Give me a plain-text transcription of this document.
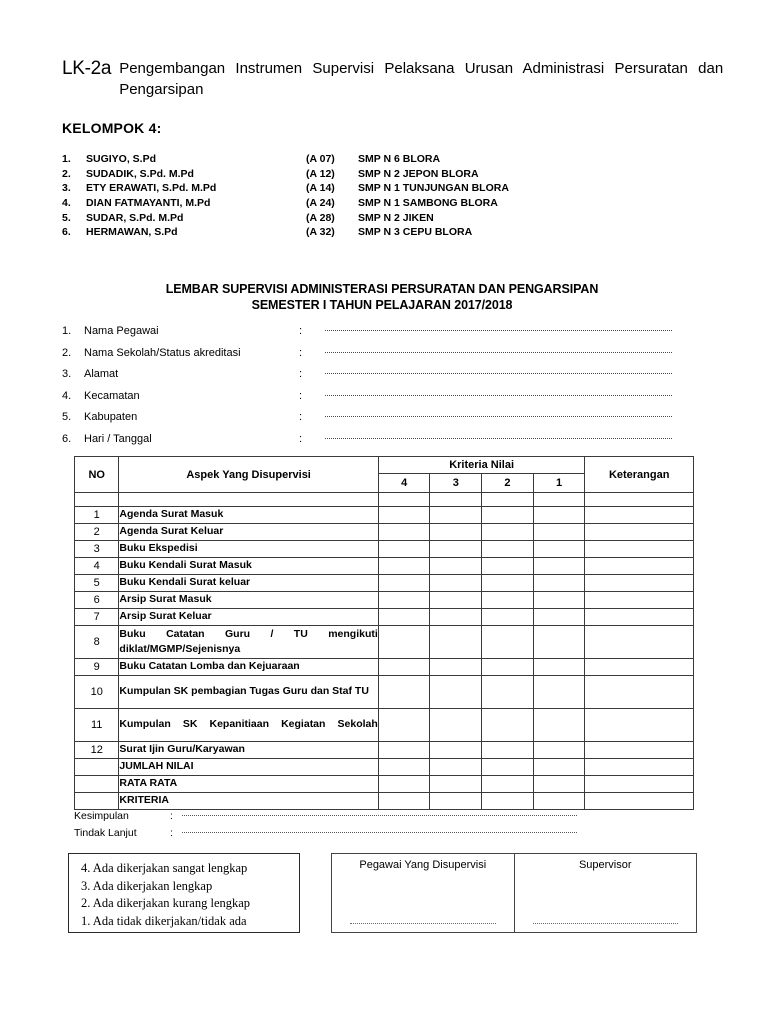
LK-2a Pengembangan Instrumen Supervisi Pelaksana Urusan Administrasi Persuratan dan Pengarsipan
KELOMPOK 4:
1.	SUGIYO, S.Pd	(A 07)	SMP N 6 BLORA
2.	SUDADIK, S.Pd. M.Pd	(A 12)	SMP N 2 JEPON BLORA
3.	ETY ERAWATI, S.Pd. M.Pd	(A 14)	SMP N 1 TUNJUNGAN BLORA
4.	DIAN FATMAYANTI, M.Pd	(A 24)	SMP N 1 SAMBONG BLORA
5.	SUDAR, S.Pd. M.Pd	(A 28)	SMP N 2 JIKEN
6.	HERMAWAN, S.Pd	(A 32)	SMP N 3 CEPU BLORA
LEMBAR SUPERVISI ADMINISTERASI PERSURATAN DAN PENGARSIPAN
SEMESTER I TAHUN PELAJARAN 2017/2018
1.	Nama Pegawai	:
2.	Nama Sekolah/Status akreditasi	:
3.	Alamat	:
4.	Kecamatan	:
5.	Kabupaten	:
6.	Hari / Tanggal	:
NO	Aspek Yang Disupervisi	Kriteria Nilai				Keterangan
		4	3	2	1	

1	Agenda Surat Masuk					
2	Agenda Surat Keluar					
3	Buku Ekspedisi					
4	Buku Kendali Surat Masuk					
5	Buku Kendali Surat keluar					
6	Arsip Surat Masuk					
7	Arsip Surat Keluar					
8	Buku Catatan Guru / TU mengikuti diklat/MGMP/Sejenisnya					
9	Buku Catatan Lomba dan Kejuaraan					
10	Kumpulan SK pembagian Tugas Guru dan Staf TU					
11	Kumpulan SK Kepanitiaan Kegiatan Sekolah					
12	Surat Ijin Guru/Karyawan					
	JUMLAH NILAI					
	RATA RATA					
	KRITERIA					
Kesimpulan	:
Tindak Lanjut	:
4. Ada dikerjakan sangat lengkap
3. Ada dikerjakan lengkap
2. Ada dikerjakan kurang lengkap
1. Ada tidak dikerjakan/tidak ada
Pegawai Yang Disupervisi	Supervisor
